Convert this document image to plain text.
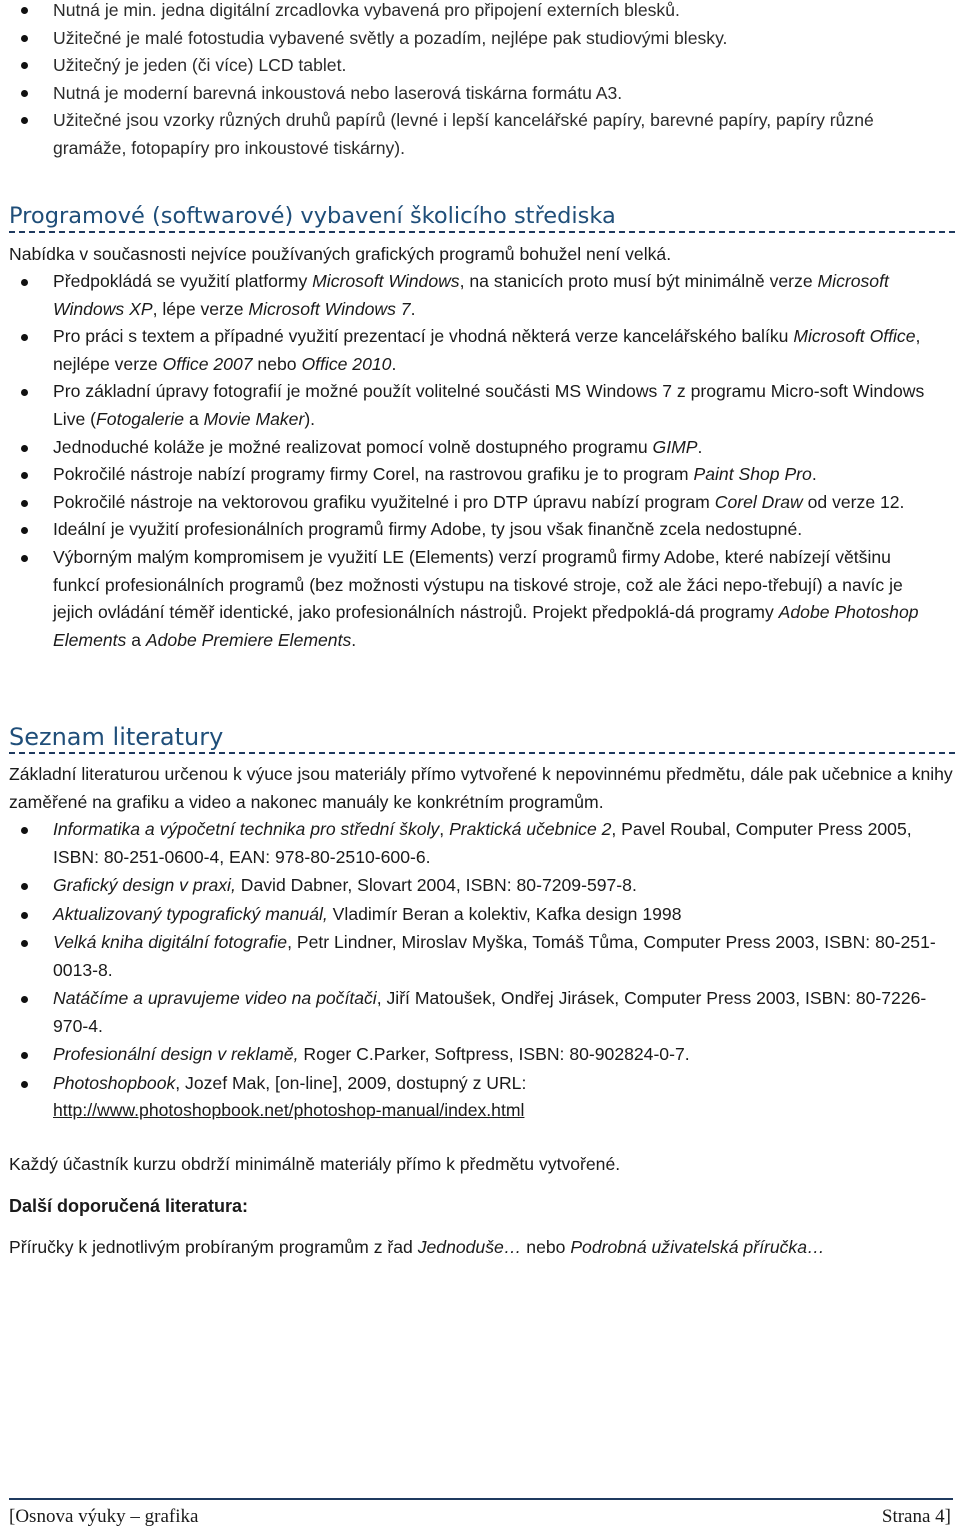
Nutná je min. jedna digitální zrcadlovka vybavená pro připojení externích blesků.
Užitečné je malé fotostudia vybavené světly a pozadím, nejlépe pak studiovými blesky.
Užitečný je jeden (či více) LCD tablet.
Nutná je moderní barevná inkoustová nebo laserová tiskárna formátu A3.
Užitečné jsou vzorky různých druhů papírů (levné i lepší kancelářské papíry, barevné papíry, papíry různé gramáže, fotopapíry pro inkoustové tiskárny).
Programové (softwarové) vybavení školicího střediska
Nabídka v současnosti nejvíce používaných grafických programů bohužel není velká.
Předpokládá se využití platformy Microsoft Windows, na stanicích proto musí být minimálně verze Microsoft Windows XP, lépe verze Microsoft Windows 7.
Pro práci s textem a případné využití prezentací je vhodná některá verze kancelářského balíku Microsoft Office, nejlépe verze Office 2007 nebo Office 2010.
Pro základní úpravy fotografií je možné použít volitelné součásti MS Windows 7 z programu Micro-soft Windows Live (Fotogalerie a Movie Maker).
Jednoduché koláže je možné realizovat pomocí volně dostupného programu GIMP.
Pokročilé nástroje nabízí programy firmy Corel, na rastrovou grafiku je to program Paint Shop Pro.
Pokročilé nástroje na vektorovou grafiku využitelné i pro DTP úpravu nabízí program Corel Draw od verze 12.
Ideální je využití profesionálních programů firmy Adobe, ty jsou však finančně zcela nedostupné.
Výborným malým kompromisem je využití LE (Elements) verzí programů firmy Adobe, které nabízejí většinu funkcí profesionálních programů (bez možnosti výstupu na tiskové stroje, což ale žáci nepo-třebují) a navíc je jejich ovládání téměř identické, jako profesionálních nástrojů. Projekt předpoklá-dá programy Adobe Photoshop Elements a Adobe Premiere Elements.
Seznam literatury
Základní literaturou určenou k výuce jsou materiály přímo vytvořené k nepovinnému předmětu, dále pak učebnice a knihy zaměřené na grafiku a video a nakonec manuály ke konkrétním programům.
Informatika a výpočetní technika pro střední školy, Praktická učebnice 2, Pavel Roubal, Computer Press 2005, ISBN: 80-251-0600-4, EAN: 978-80-2510-600-6.
Grafický design v praxi, David Dabner, Slovart 2004, ISBN: 80-7209-597-8.
Aktualizovaný typografický manuál, Vladimír Beran a kolektiv, Kafka design 1998
Velká kniha digitální fotografie, Petr Lindner, Miroslav Myška, Tomáš Tůma, Computer Press 2003, ISBN: 80-251-0013-8.
Natáčíme a upravujeme video na počítači, Jiří Matoušek, Ondřej Jirásek, Computer Press 2003, ISBN: 80-7226-970-4.
Profesionální design v reklamě, Roger C.Parker, Softpress, ISBN: 80-902824-0-7.
Photoshopbook, Jozef Mak, [on-line], 2009, dostupný z URL:
http://www.photoshopbook.net/photoshop-manual/index.html
Každý účastník kurzu obdrží minimálně materiály přímo k předmětu vytvořené.
Další doporučená literatura:
Příručky k jednotlivým probíraným programům z řad Jednoduše… nebo Podrobná uživatelská příručka…
[Osnova výuky – grafika	Strana 4]
